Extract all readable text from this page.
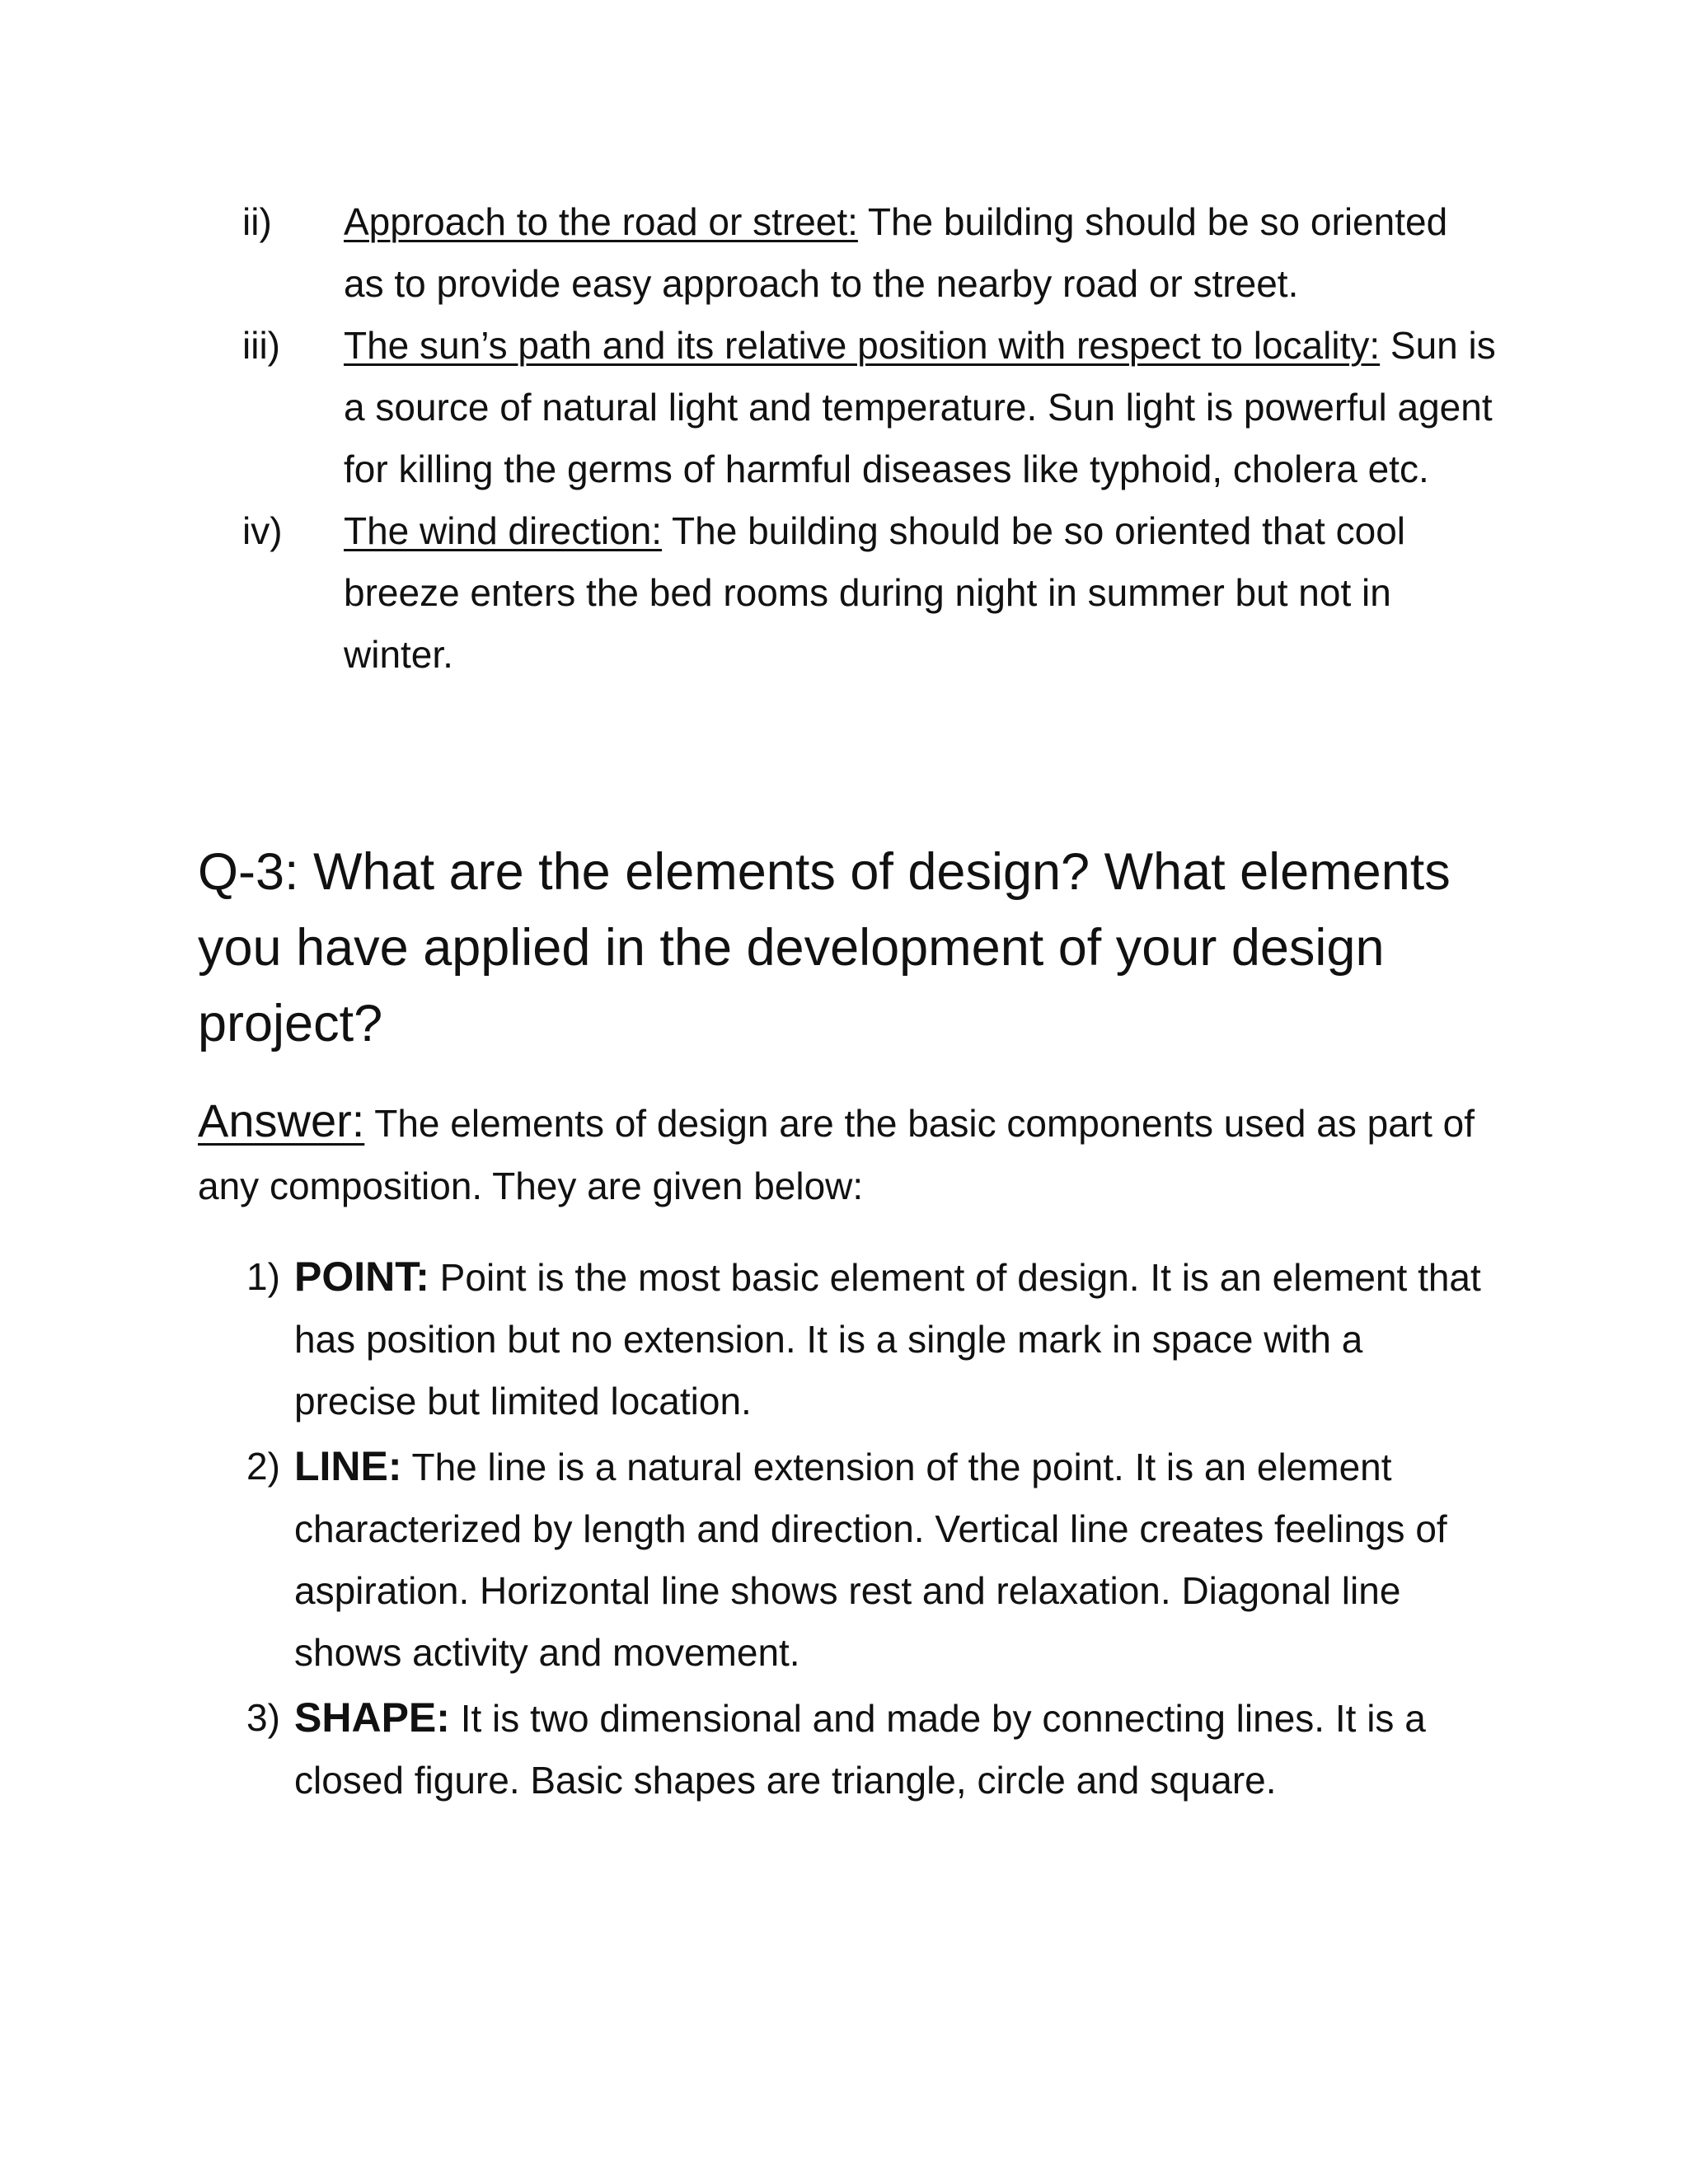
ii) Approach to the road or street: The building should be so oriented as to provide easy approach to the nearby road or street.
iii) The sun’s path and its relative position with respect to locality: Sun is a source of natural light and temperature. Sun light is powerful agent for killing the germs of harmful diseases like typhoid, cholera etc.
iv) The wind direction: The building should be so oriented that cool breeze enters the bed rooms during night in summer but not in winter.
Q-3: What are the elements of design? What elements you have applied in the development of your design project?
Answer: The elements of design are the basic components used as part of any composition. They are given below:
1) POINT: Point is the most basic element of design. It is an element that has position but no extension. It is a single mark in space with a precise but limited location.
2) LINE: The line is a natural extension of the point. It is an element characterized by length and direction. Vertical line creates feelings of aspiration. Horizontal line shows rest and relaxation. Diagonal line shows activity and movement.
3) SHAPE: It is two dimensional and made by connecting lines. It is a closed figure. Basic shapes are triangle, circle and square.
